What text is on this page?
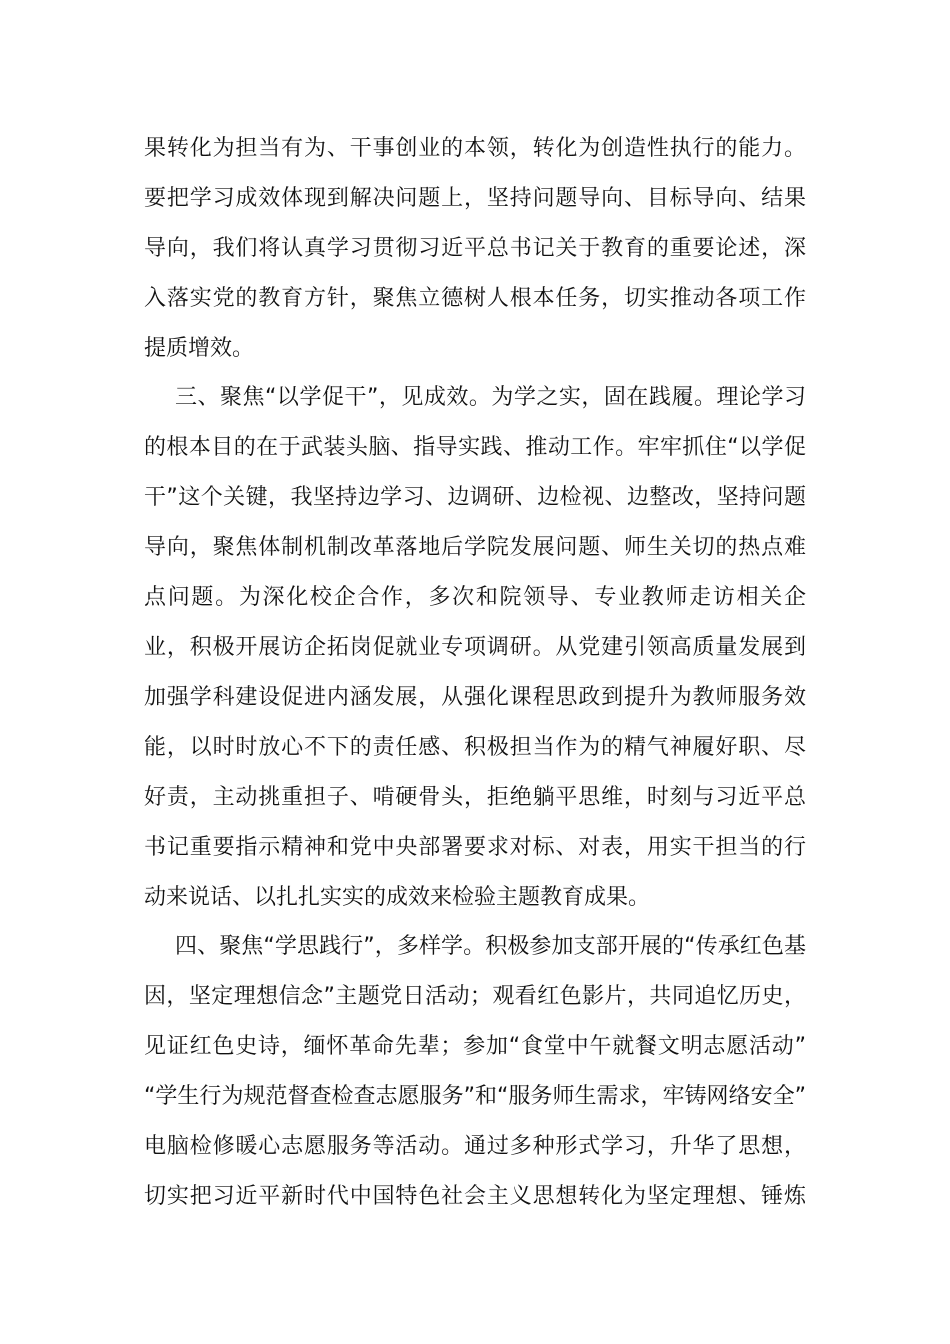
果转化为担当有为、干事创业的本领，转化为创造性执行的能力。
要把学习成效体现到解决问题上，坚持问题导向、目标导向、结果
导向，我们将认真学习贯彻习近平总书记关于教育的重要论述，深
入落实党的教育方针，聚焦立德树人根本任务，切实推动各项工作
提质增效。
三、聚焦“以学促干”，见成效。为学之实，固在践履。理论学习
的根本目的在于武装头脑、指导实践、推动工作。牢牢抓住“以学促
干”这个关键，我坚持边学习、边调研、边检视、边整改，坚持问题
导向，聚焦体制机制改革落地后学院发展问题、师生关切的热点难
点问题。为深化校企合作，多次和院领导、专业教师走访相关企
业，积极开展访企拓岗促就业专项调研。从党建引领高质量发展到
加强学科建设促进内涵发展，从强化课程思政到提升为教师服务效
能，以时时放心不下的责任感、积极担当作为的精气神履好职、尽
好责，主动挑重担子、啃硬骨头，拒绝躺平思维，时刻与习近平总
书记重要指示精神和党中央部署要求对标、对表，用实干担当的行
动来说话、以扎扎实实的成效来检验主题教育成果。
四、聚焦“学思践行”，多样学。积极参加支部开展的“传承红色基
因，坚定理想信念”主题党日活动；观看红色影片，共同追忆历史，
见证红色史诗，缅怀革命先辈；参加“食堂中午就餐文明志愿活动”
“学生行为规范督查检查志愿服务”和“服务师生需求，牢铸网络安全”
电脑检修暖心志愿服务等活动。通过多种形式学习，升华了思想，
切实把习近平新时代中国特色社会主义思想转化为坚定理想、锤炼
